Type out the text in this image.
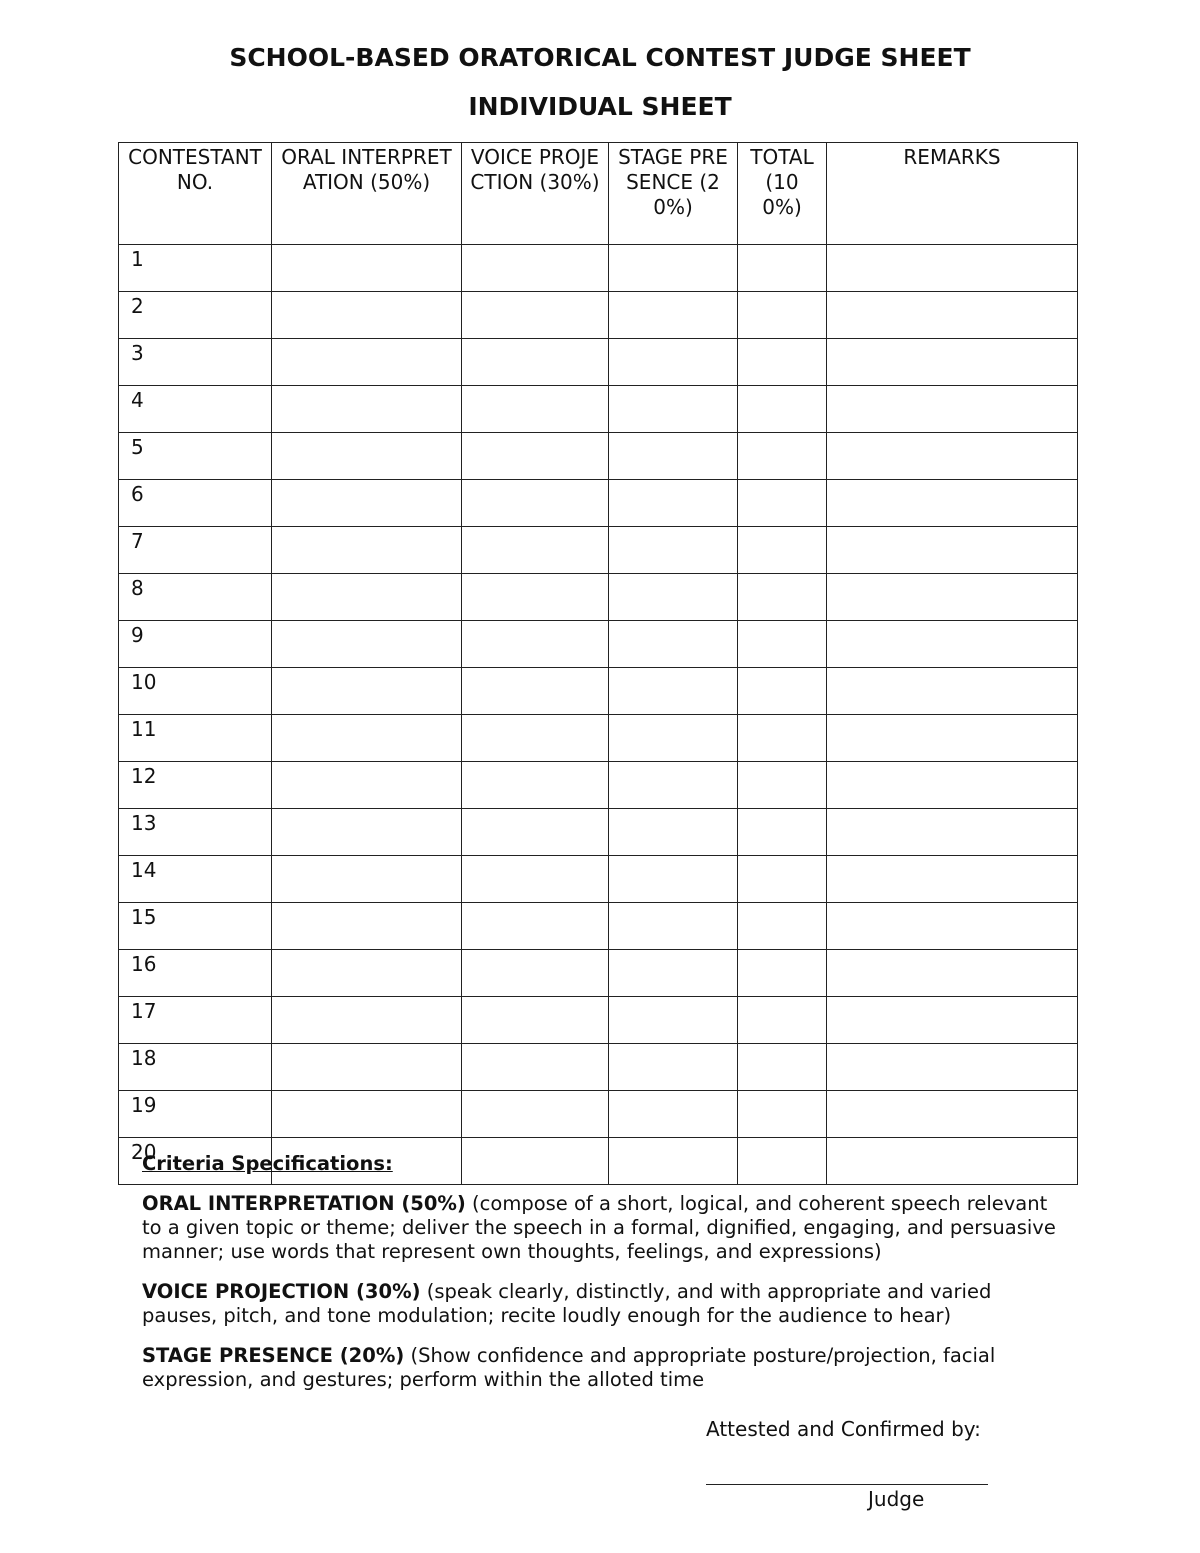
SCHOOL-BASED ORATORICAL CONTEST JUDGE SHEET
INDIVIDUAL SHEET
CONTESTANT NO.	ORAL INTERPRETATION (50%)	VOICE PROJECTION (30%)	STAGE PRESENCE (20%)	TOTAL (100%)	REMARKS
1					
2					
3					
4					
5					
6					
7					
8					
9					
10					
11					
12					
13					
14					
15					
16					
17					
18					
19					
20					

Criteria Specifications:

ORAL INTERPRETATION (50%) (compose of a short, logical, and coherent speech relevant to a given topic or theme; deliver the speech in a formal, dignified, engaging, and persuasive manner; use words that represent own thoughts, feelings, and expressions)

VOICE PROJECTION (30%) (speak clearly, distinctly, and with appropriate and varied pauses, pitch, and tone modulation; recite loudly enough for the audience to hear)

STAGE PRESENCE (20%) (Show confidence and appropriate posture/projection, facial expression, and gestures; perform within the alloted time

Attested and Confirmed by:
Judge
